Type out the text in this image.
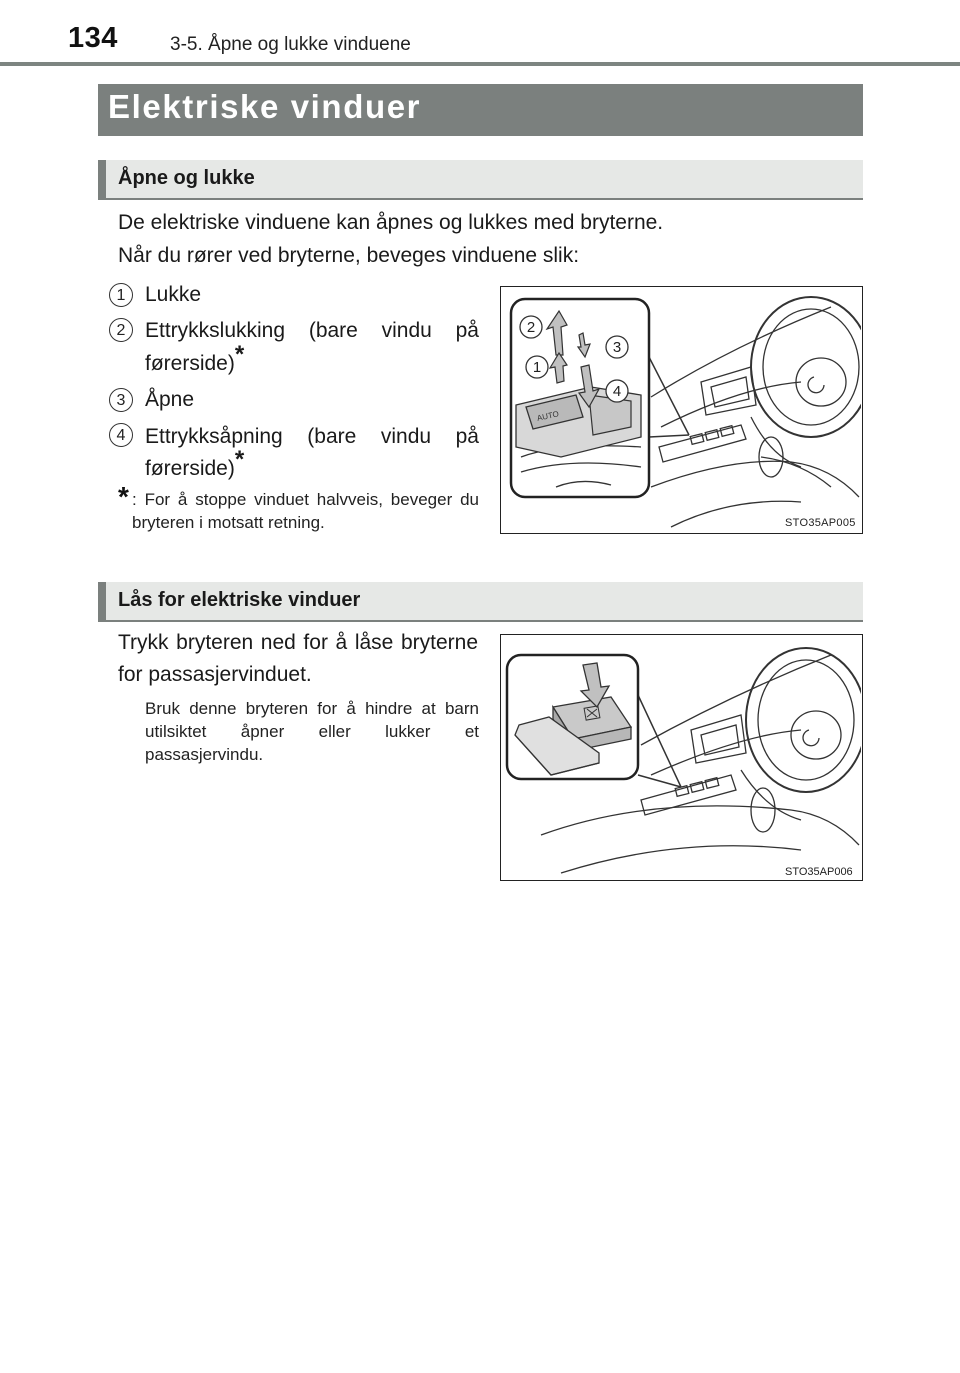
134	3-5. Åpne og lukke vinduene
Elektriske vinduer
Åpne og lukke
De elektriske vinduene kan åpnes og lukkes med bryterne.
Når du rører ved bryterne, beveges vinduene slik:
1 Lukke
2 Ettrykkslukking (bare vindu på
førerside)*
3 Åpne
4 Ettrykksåpning (bare vindu på
førerside)*
* : For å stoppe vinduet halvveis, beveger du bryteren i motsatt retning.
AUTO
2
3
1
4
STO35AP005
Lås for elektriske vinduer
Trykk bryteren ned for å låse bryterne for passasjervinduet.
Bruk denne bryteren for å hindre at barn utilsiktet åpner eller lukker et passasjervindu.
STO35AP006
